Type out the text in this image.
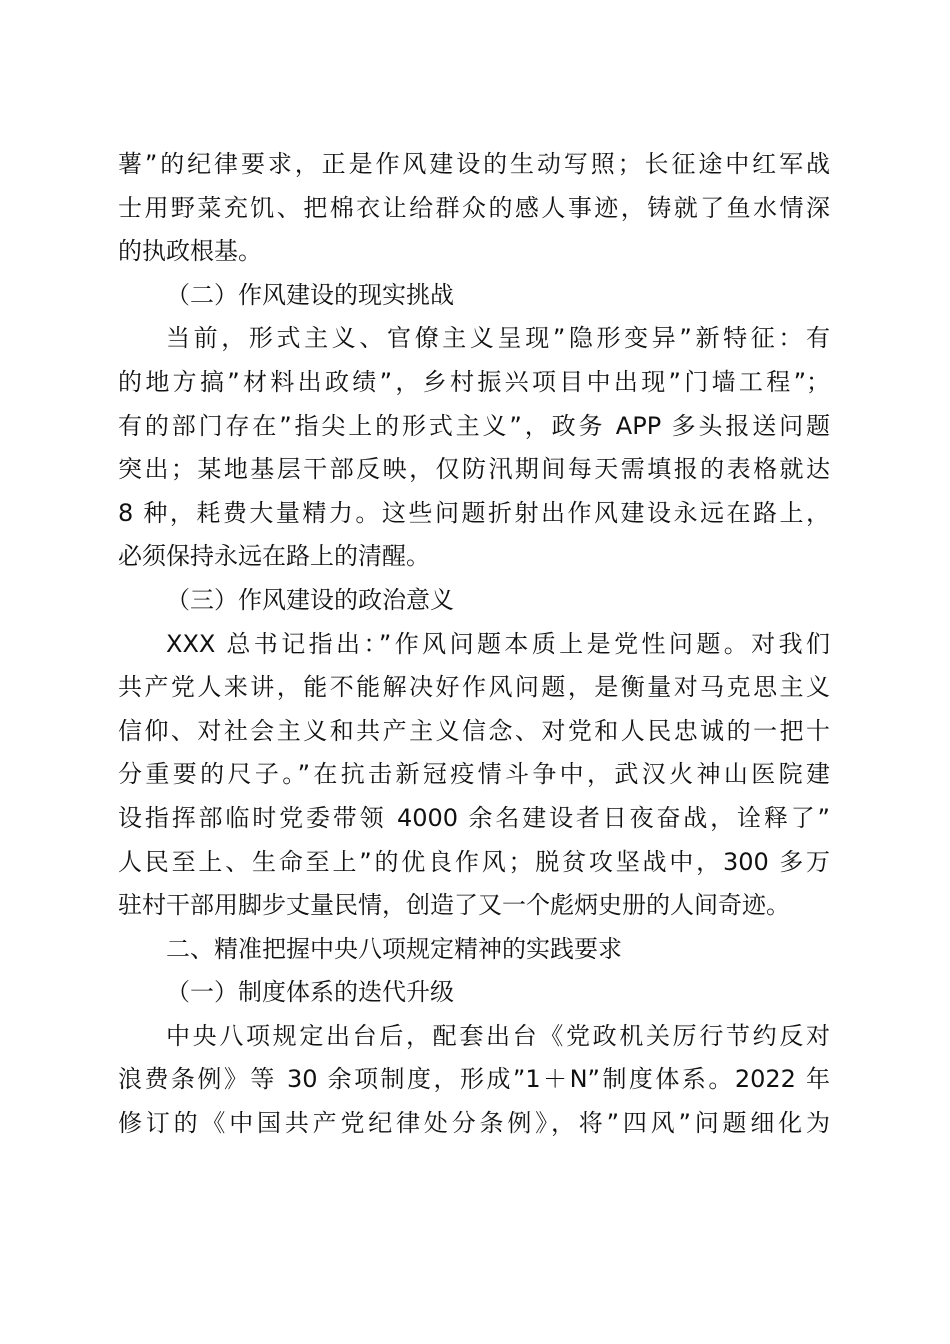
薯”的纪律要求，正是作风建设的生动写照；长征途中红军战
士用野菜充饥、把棉衣让给群众的感人事迹，铸就了鱼水情深
的执政根基。
（二）作风建设的现实挑战
当前，形式主义、官僚主义呈现”隐形变异”新特征：有
的地方搞”材料出政绩”，乡村振兴项目中出现”门墙工程”；
有的部门存在”指尖上的形式主义”，政务 APP 多头报送问题
突出；某地基层干部反映，仅防汛期间每天需填报的表格就达
8 种，耗费大量精力。这些问题折射出作风建设永远在路上，
必须保持永远在路上的清醒。
（三）作风建设的政治意义
XXX 总书记指出：”作风问题本质上是党性问题。对我们
共产党人来讲，能不能解决好作风问题，是衡量对马克思主义
信仰、对社会主义和共产主义信念、对党和人民忠诚的一把十
分重要的尺子。”在抗击新冠疫情斗争中，武汉火神山医院建
设指挥部临时党委带领 4000 余名建设者日夜奋战，诠释了”
人民至上、生命至上”的优良作风；脱贫攻坚战中，300 多万
驻村干部用脚步丈量民情，创造了又一个彪炳史册的人间奇迹。
二、精准把握中央八项规定精神的实践要求
（一）制度体系的迭代升级
中央八项规定出台后，配套出台《党政机关厉行节约反对
浪费条例》等 30 余项制度，形成”1＋N”制度体系。2022 年
修订的《中国共产党纪律处分条例》，将”四风”问题细化为
